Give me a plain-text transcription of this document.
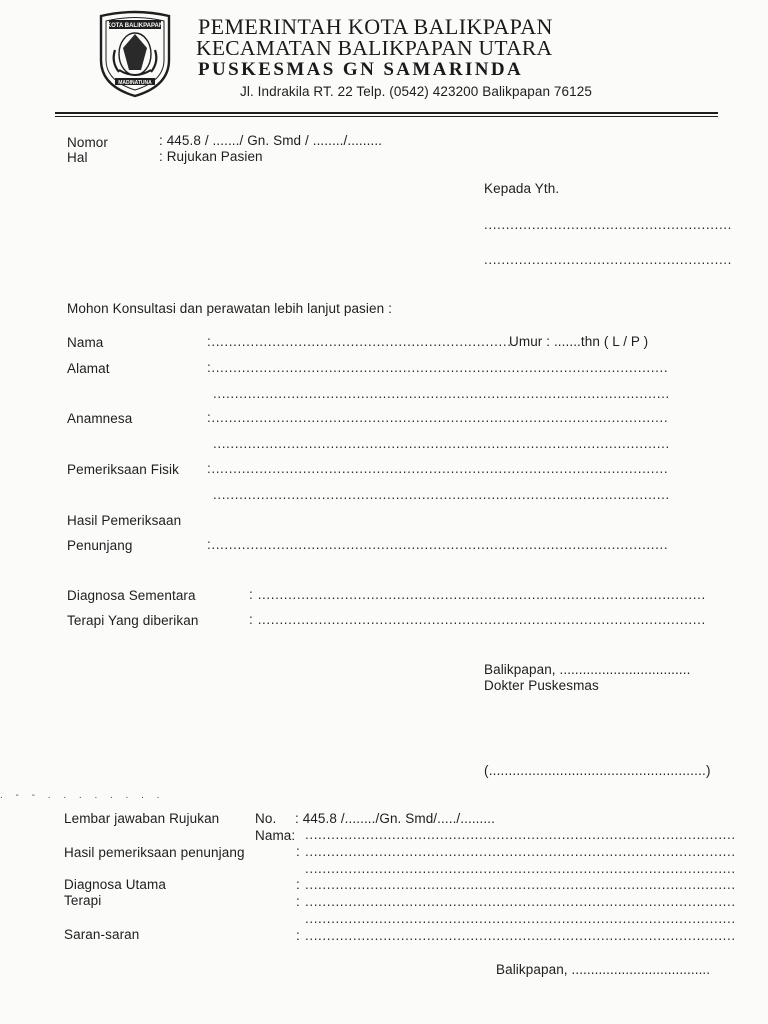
KOTA BALIKPAPAN
MADINATUNA
PEMERINTAH KOTA BALIKPAPAN
KECAMATAN BALIKPAPAN UTARA
PUSKESMAS GN SAMARINDA
Jl. Indrakila RT. 22 Telp. (0542) 423200 Balikpapan 76125
Nomor	: 445.8 / ......./ Gn. Smd / ......../.........
Hal	: Rujukan Pasien
Kepada Yth.
.........................................................
.........................................................
Mohon Konsultasi dan perawatan lebih lanjut pasien :
Nama	:.....................................................................
Umur : .......thn ( L / P )
Alamat	:.........................................................................................................
.........................................................................................................
Anamnesa	:.........................................................................................................
.........................................................................................................
Pemeriksaan Fisik :.........................................................................................................
.........................................................................................................
Hasil Pemeriksaan
Penunjang	:.........................................................................................................
Diagnosa Sementara	: .......................................................................................................
Terapi Yang diberikan	: .......................................................................................................
Balikpapan, ..................................
Dokter Puskesmas
(.......................................................)
. - - . . . . . . . .
Lembar jawaban Rujukan	No. : 445.8 /......../Gn. Smd/...../.........
Nama: ...................................................................................................
Hasil pemeriksaan penunjang	: ...................................................................................................
...................................................................................................
Diagnosa Utama	: ...................................................................................................
Terapi	: ...................................................................................................
...................................................................................................
Saran-saran	: ...................................................................................................
Balikpapan, ....................................
